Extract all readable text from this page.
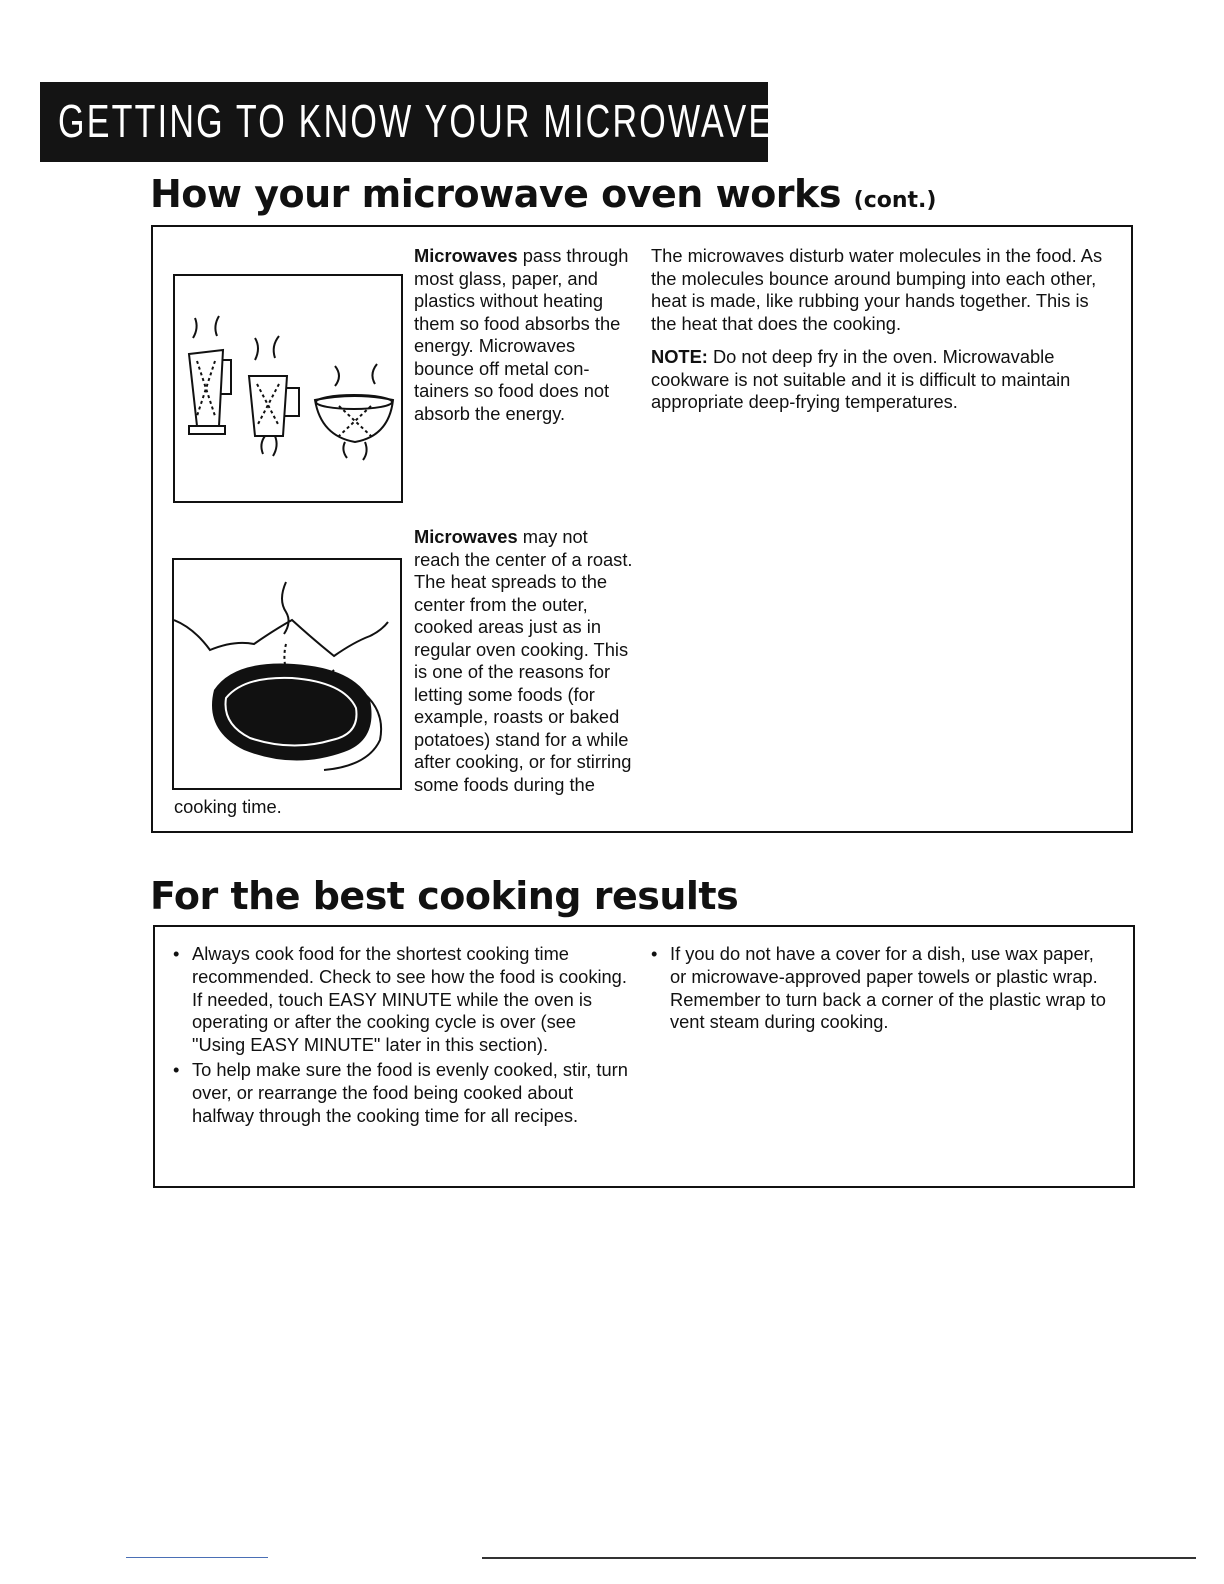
GETTING TO KNOW YOUR MICROWAVE OVEN
How your microwave oven works (cont.)
Microwaves pass through most glass, paper, and plastics without heating them so food absorbs the energy. Microwaves bounce off metal con-tainers so food does not absorb the energy.
Microwaves may not reach the center of a roast. The heat spreads to the center from the outer, cooked areas just as in regular oven cooking. This is one of the reasons for letting some foods (for example, roasts or baked potatoes) stand for a while after cooking, or for stirring some foods during the cooking time.
The microwaves disturb water molecules in the food. As the molecules bounce around bumping into each other, heat is made, like rubbing your hands together. This is the heat that does the cooking.
NOTE: Do not deep fry in the oven. Microwavable cookware is not suitable and it is difficult to maintain appropriate deep-frying temperatures.
For the best cooking results
• Always cook food for the shortest cooking time recommended. Check to see how the food is cooking. If needed, touch EASY MINUTE while the oven is operating or after the cooking cycle is over (see "Using EASY MINUTE" later in this section).
• To help make sure the food is evenly cooked, stir, turn over, or rearrange the food being cooked about halfway through the cooking time for all recipes.
• If you do not have a cover for a dish, use wax paper, or microwave-approved paper towels or plastic wrap. Remember to turn back a corner of the plastic wrap to vent steam during cooking.
